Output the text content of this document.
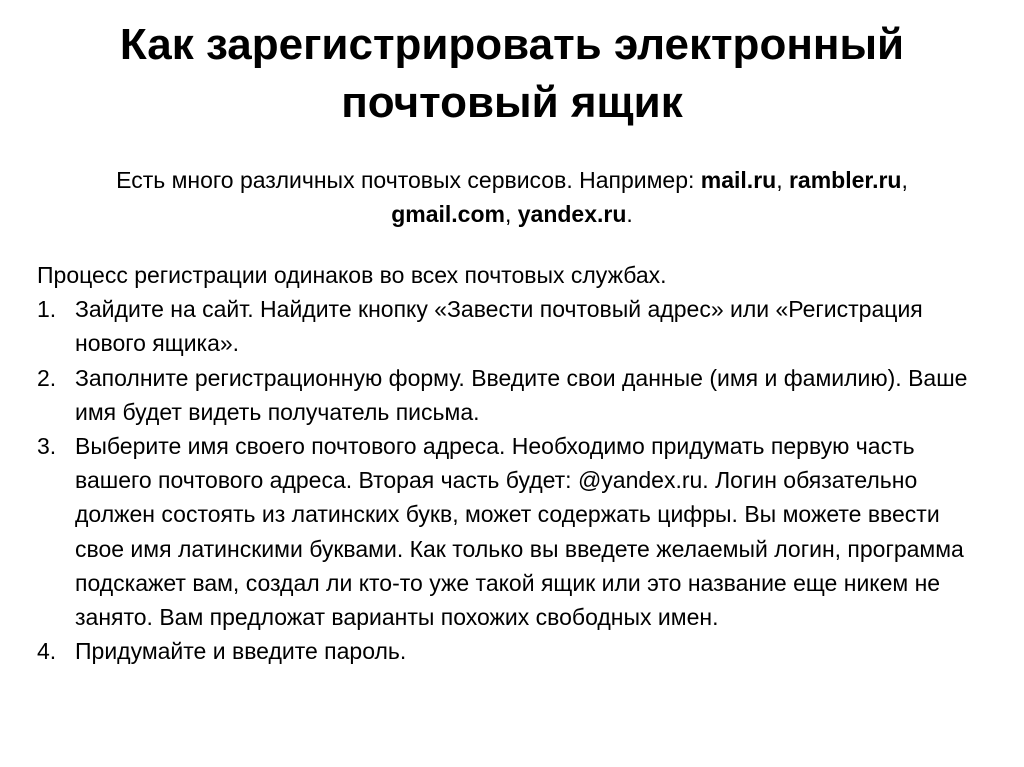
Как зарегистрировать электронный почтовый ящик

Есть много различных почтовых сервисов. Например: mail.ru, rambler.ru,
gmail.com, yandex.ru.

Процесс регистрации одинаков во всех почтовых службах.

1. Зайдите на сайт. Найдите кнопку «Завести почтовый адрес» или «Регистрация нового ящика».
2. Заполните регистрационную форму. Введите свои данные (имя и фамилию). Ваше имя будет видеть получатель письма.
3. Выберите имя своего почтового адреса. Необходимо придумать первую часть вашего почтового адреса. Вторая часть будет: @yandex.ru. Логин обязательно должен состоять из латинских букв, может содержать цифры. Вы можете ввести свое имя латинскими буквами. Как только вы введете желаемый логин, программа подскажет вам, создал ли кто-то уже такой ящик или это название еще никем не занято. Вам предложат варианты похожих свободных имен.
4. Придумайте и введите пароль.
